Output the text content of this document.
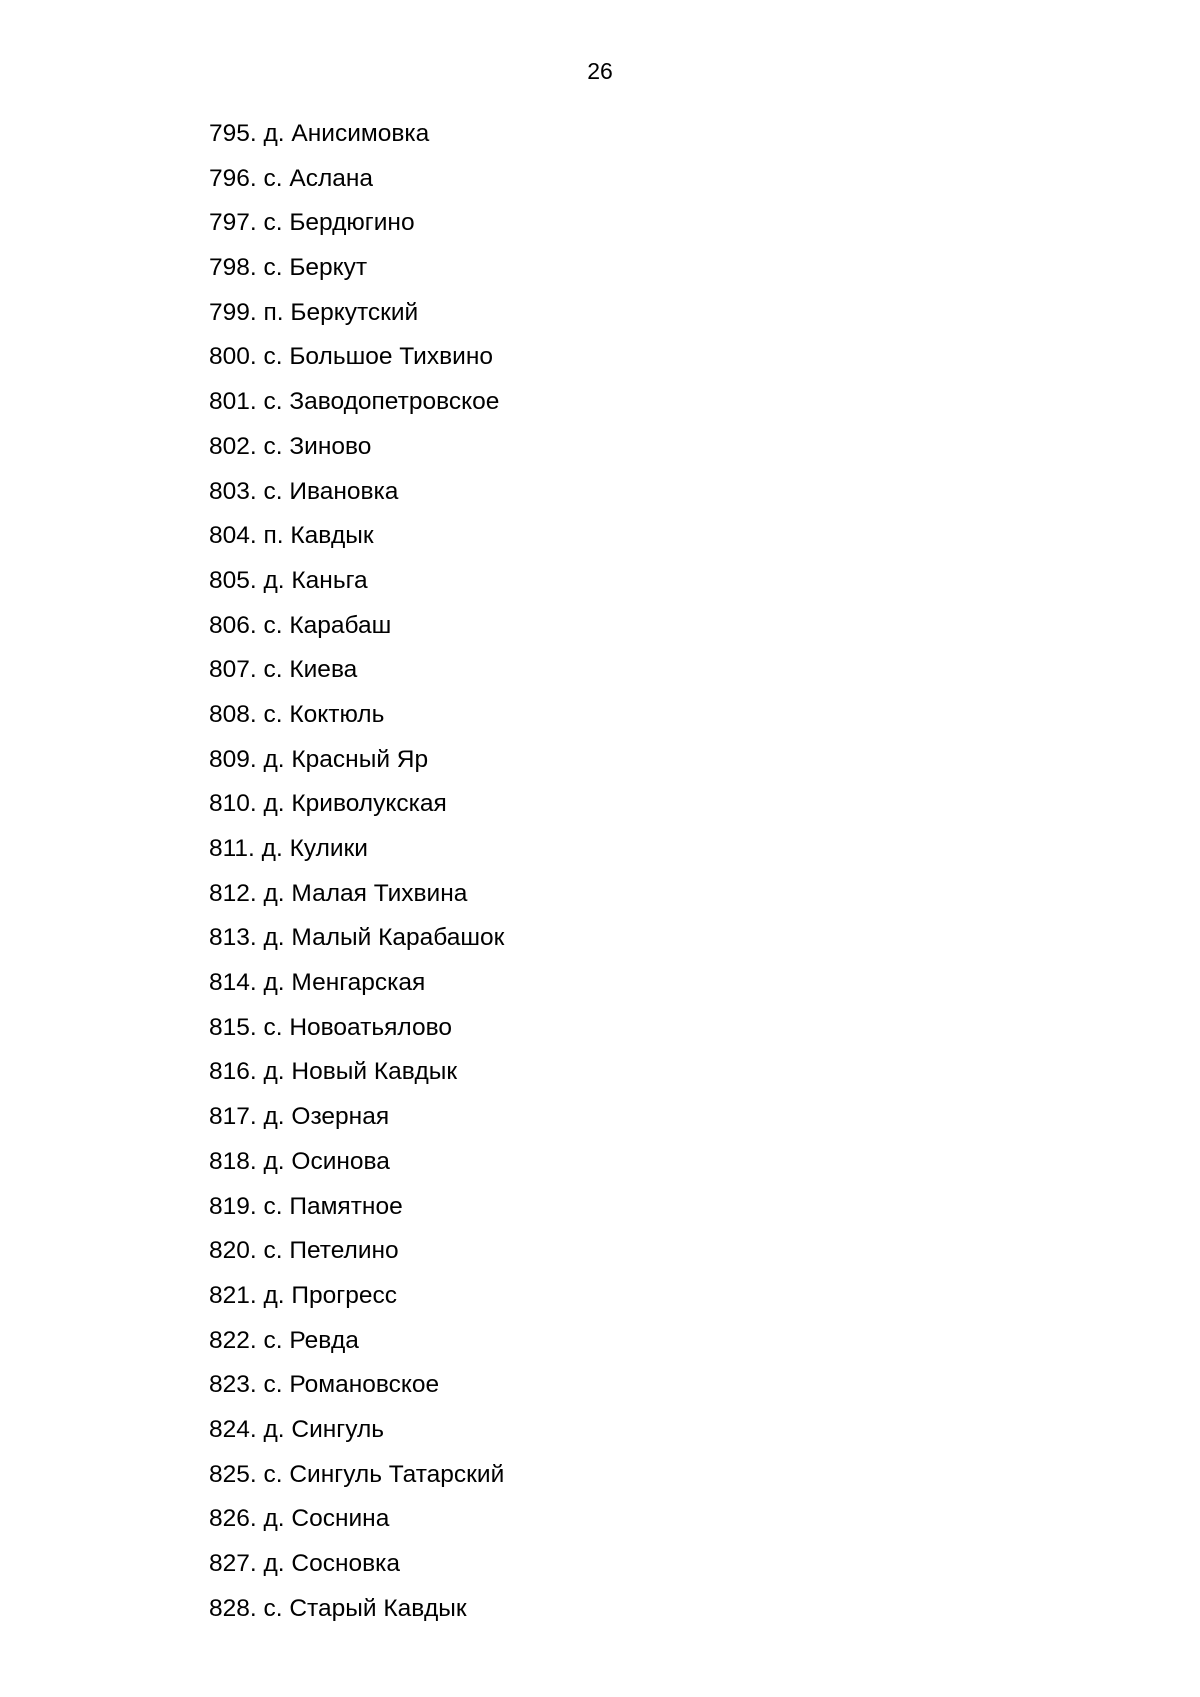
26
795. д. Анисимовка
796. с. Аслана
797. с. Бердюгино
798. с. Беркут
799. п. Беркутский
800. с. Большое Тихвино
801. с. Заводопетровское
802. с. Зиново
803. с. Ивановка
804. п. Кавдык
805. д. Каньга
806. с. Карабаш
807. с. Киева
808. с. Коктюль
809. д. Красный Яр
810. д. Криволукская
811. д. Кулики
812. д. Малая Тихвина
813. д. Малый Карабашок
814. д. Менгарская
815. с. Новоатьялово
816. д. Новый Кавдык
817. д. Озерная
818. д. Осинова
819. с. Памятное
820. с. Петелино
821. д. Прогресс
822. с. Ревда
823. с. Романовское
824. д. Сингуль
825. с. Сингуль Татарский
826. д. Соснина
827. д. Сосновка
828. с. Старый Кавдык
